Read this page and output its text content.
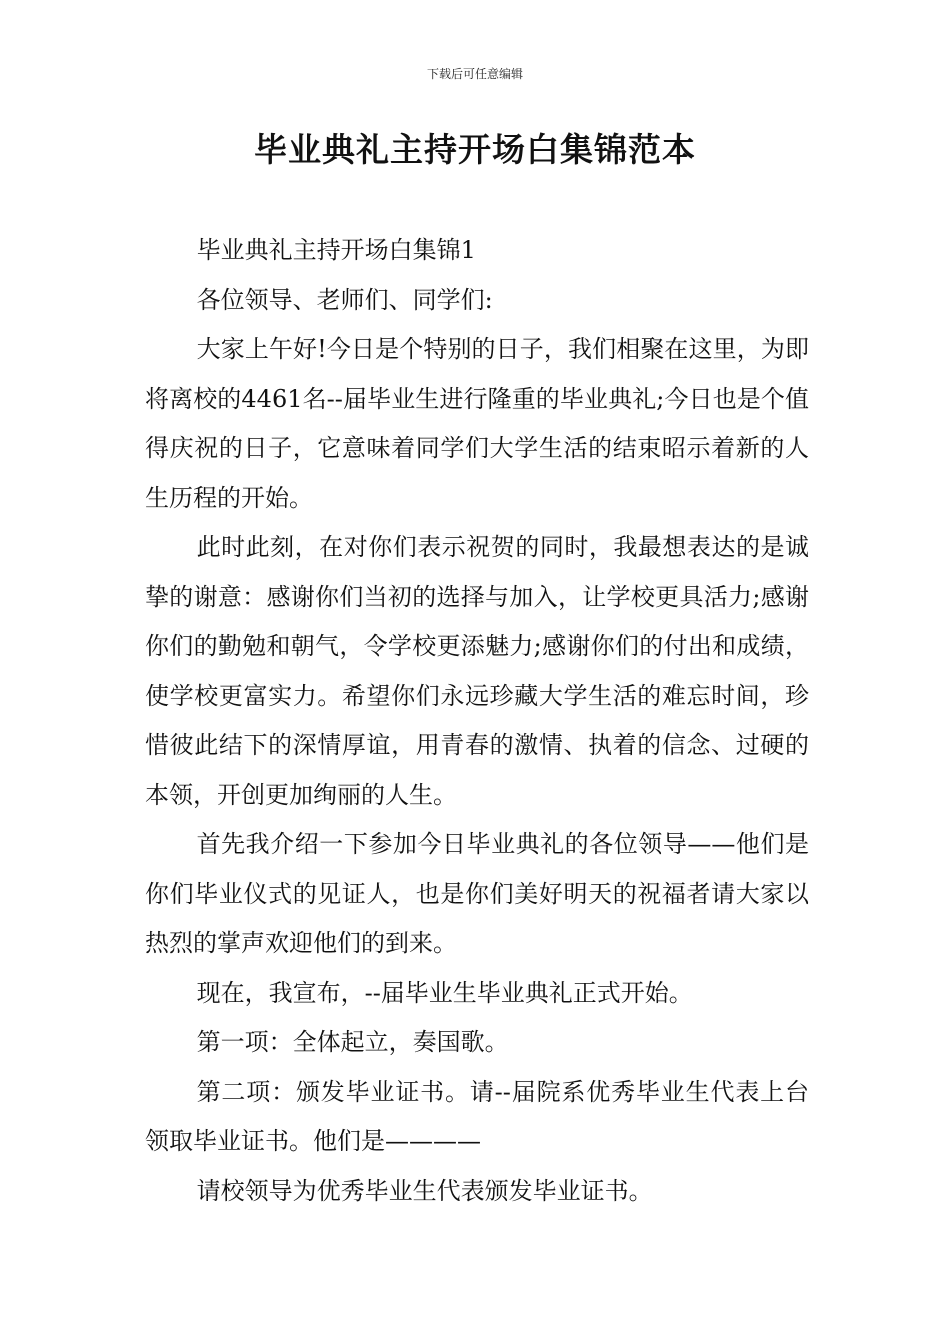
下载后可任意编辑
毕业典礼主持开场白集锦范本

毕业典礼主持开场白集锦1

各位领导、老师们、同学们:

大家上午好!今日是个特别的日子，我们相聚在这里，为即将离校的4461名--届毕业生进行隆重的毕业典礼;今日也是个值得庆祝的日子，它意味着同学们大学生活的结束昭示着新的人生历程的开始。

此时此刻，在对你们表示祝贺的同时，我最想表达的是诚挚的谢意：感谢你们当初的选择与加入，让学校更具活力;感谢你们的勤勉和朝气，令学校更添魅力;感谢你们的付出和成绩，使学校更富实力。希望你们永远珍藏大学生活的难忘时间，珍惜彼此结下的深情厚谊，用青春的激情、执着的信念、过硬的本领，开创更加绚丽的人生。

首先我介绍一下参加今日毕业典礼的各位领导——他们是你们毕业仪式的见证人，也是你们美好明天的祝福者请大家以热烈的掌声欢迎他们的到来。

现在，我宣布，--届毕业生毕业典礼正式开始。

第一项：全体起立，奏国歌。

第二项：颁发毕业证书。请--届院系优秀毕业生代表上台领取毕业证书。他们是————

请校领导为优秀毕业生代表颁发毕业证书。
